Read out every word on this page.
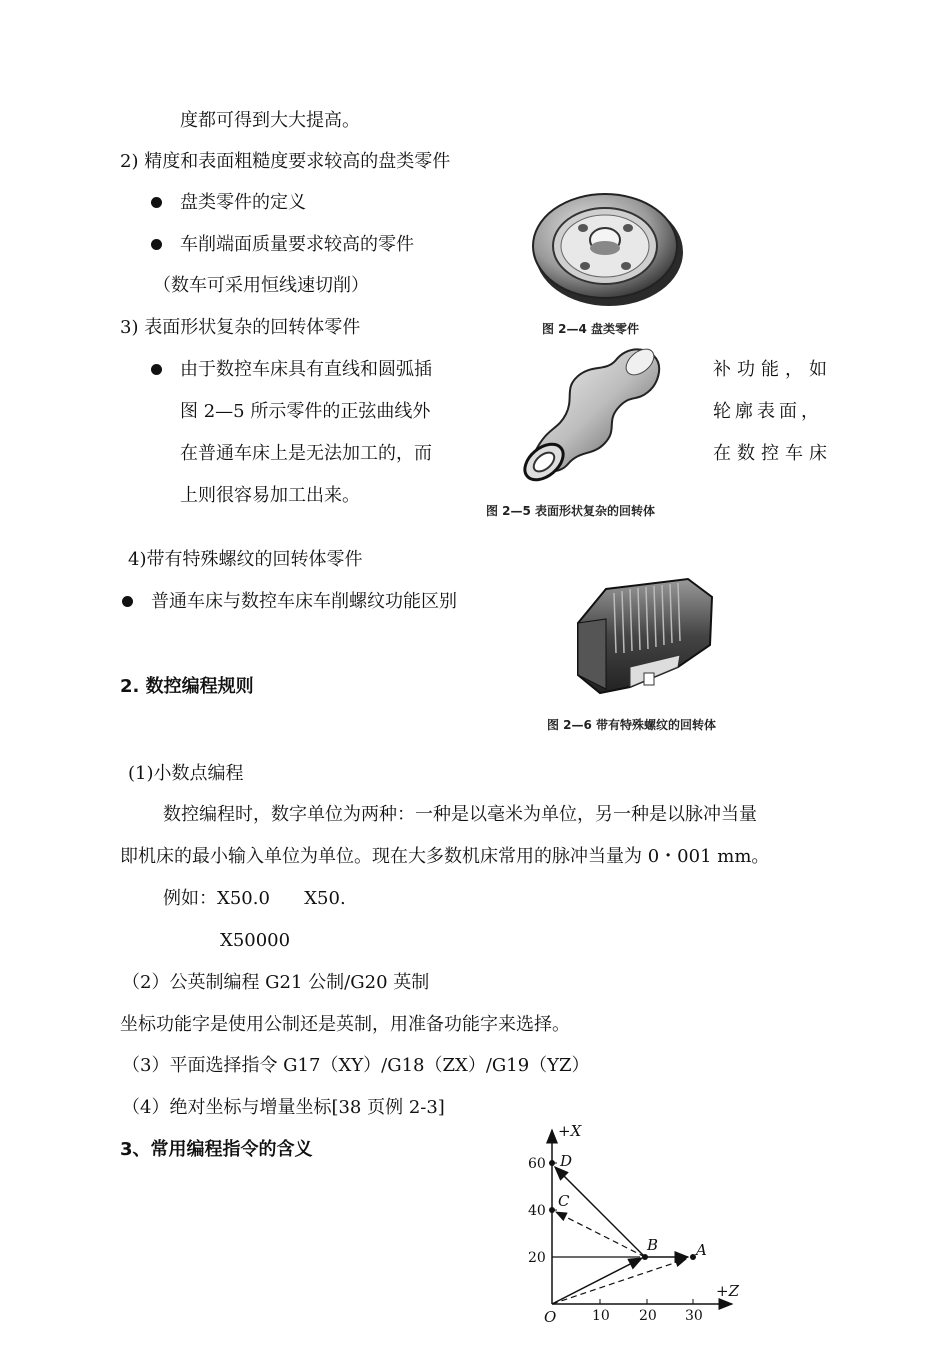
度都可得到大大提高。
2) 精度和表面粗糙度要求较高的盘类零件
盘类零件的定义
车削端面质量要求较高的零件
（数车可采用恒线速切削）
3) 表面形状复杂的回转体零件
由于数控车床具有直线和圆弧插	补功能，如
图 2—5 所示零件的正弦曲线外	轮廓表面，
在普通车床上是无法加工的，而	在数控车床
上则很容易加工出来。
4)带有特殊螺纹的回转体零件
普通车床与数控车床车削螺纹功能区别
2. 数控编程规则
(1)小数点编程
数控编程时，数字单位为两种：一种是以毫米为单位，另一种是以脉冲当量
即机床的最小输入单位为单位。现在大多数机床常用的脉冲当量为 0・001 mm。
例如：X50.0      X50.
X50000
（2）公英制编程 G21 公制/G20 英制
坐标功能字是使用公制还是英制，用准备功能字来选择。
（3）平面选择指令 G17（XY）/G18（ZX）/G19（YZ）
（4）绝对坐标与增量坐标[38 页例 2-3]
3、常用编程指令的含义
图 2—4 盘类零件
图 2—5 表面形状复杂的回转体
图 2—6 带有特殊螺纹的回转体
+X
+Z
O
60
40
20
10 20 30
D
C
B	A
